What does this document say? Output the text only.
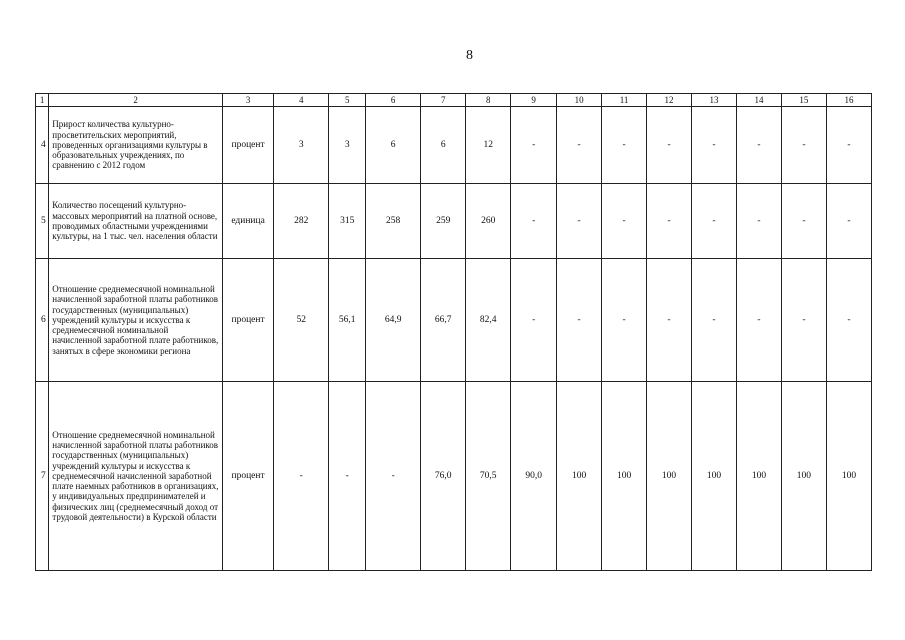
8
1	2	3	4	5	6	7	8	9	10	11	12	13	14	15	16
4	Прирост количества культурно-просветительских мероприятий, проведенных организациями культуры в образовательных учреждениях, по сравнению с 2012 годом	процент	3	3	6	6	12	-	-	-	-	-	-	-	-
5	Количество посещений культурно-массовых мероприятий на платной основе, проводимых областными учреждениями культуры, на 1 тыс. чел. населения области	единица	282	315	258	259	260	-	-	-	-	-	-	-	-
6	Отношение среднемесячной номинальной начисленной заработной платы работников государственных (муниципальных) учреждений культуры и искусства к среднемесячной номинальной начисленной заработной плате работников, занятых в сфере экономики региона	процент	52	56,1	64,9	66,7	82,4	-	-	-	-	-	-	-	-
7	Отношение среднемесячной номинальной начисленной заработной платы работников государственных (муниципальных) учреждений культуры и искусства к среднемесячной начисленной заработной плате наемных работников в организациях, у индивидуальных предпринимателей и физических лиц (среднемесячный доход от трудовой деятельности) в Курской области	процент	-	-	-	76,0	70,5	90,0	100	100	100	100	100	100	100
